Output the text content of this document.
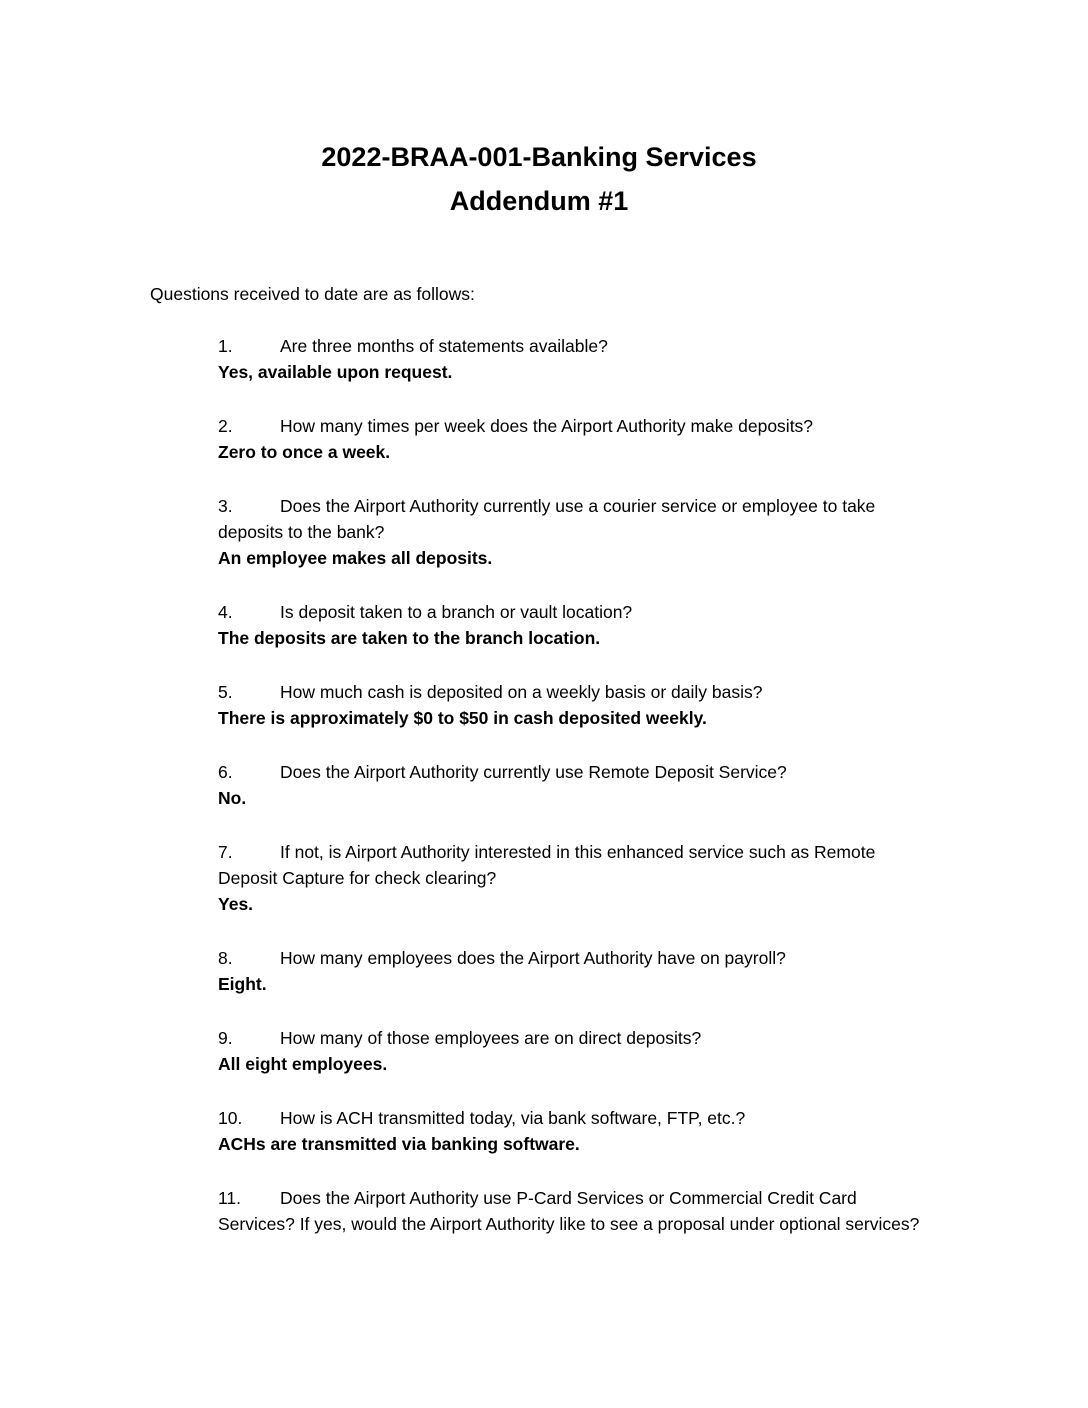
2022-BRAA-001-Banking Services
Addendum #1

Questions received to date are as follows:

1.	Are three months of statements available?

Yes, available upon request.

2.	How many times per week does the Airport Authority make deposits?

Zero to once a week.

3.	Does the Airport Authority currently use a courier service or employee to take deposits to the bank?

An employee makes all deposits.

4.	Is deposit taken to a branch or vault location?

The deposits are taken to the branch location.

5.	How much cash is deposited on a weekly basis or daily basis?

There is approximately $0 to $50 in cash deposited weekly.

6.	Does the Airport Authority currently use Remote Deposit Service?

No.

7.	If not, is Airport Authority interested in this enhanced service such as Remote Deposit Capture for check clearing?

Yes.

8.	How many employees does the Airport Authority have on payroll?

Eight.

9.	How many of those employees are on direct deposits?

All eight employees.

10. How is ACH transmitted today, via bank software, FTP, etc.?

ACHs are transmitted via banking software.

11. Does the Airport Authority use P-Card Services or Commercial Credit Card Services? If yes, would the Airport Authority like to see a proposal under optional services?
